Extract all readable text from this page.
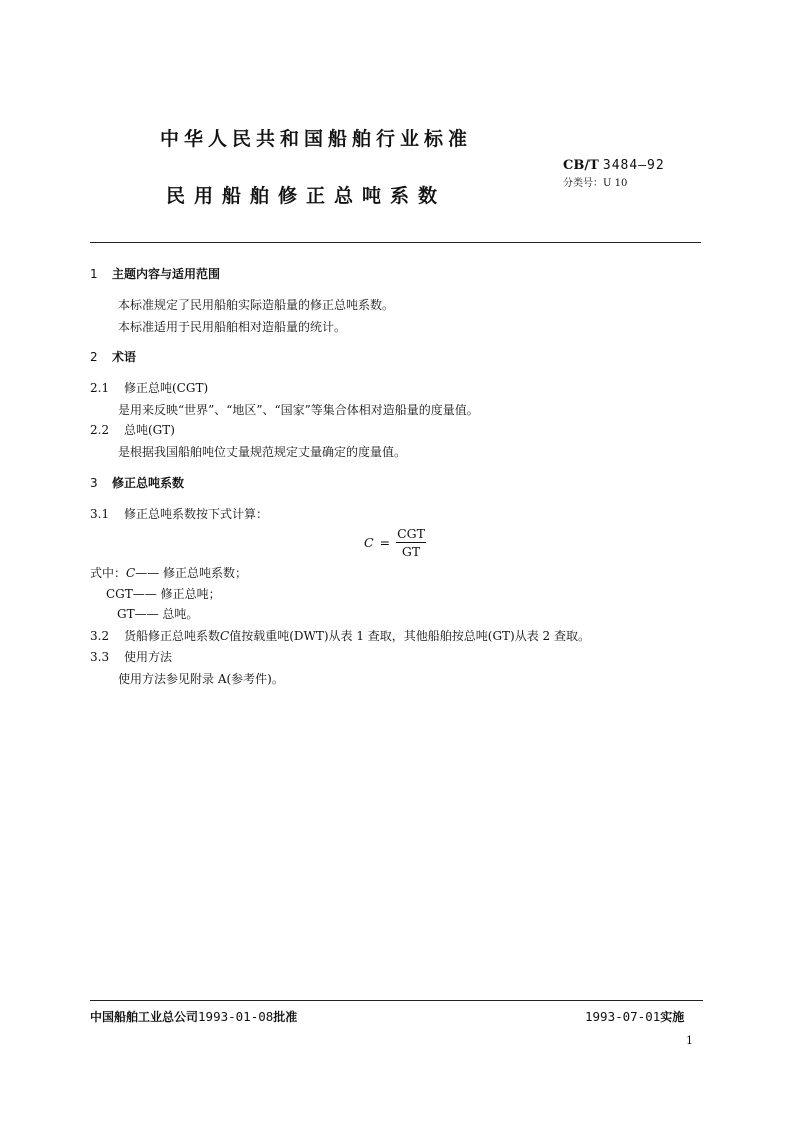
中华人民共和国船舶行业标准
民用船舶修正总吨系数
CB/T 3484—92
分类号：U 10
1 主题内容与适用范围
本标准规定了民用船舶实际造船量的修正总吨系数。
本标准适用于民用船舶相对造船量的统计。
2 术语
2.1 修正总吨(CGT)
是用来反映“世界”、“地区”、“国家”等集合体相对造船量的度量值。
2.2 总吨(GT)
是根据我国船舶吨位丈量规范规定丈量确定的度量值。
3 修正总吨系数
3.1 修正总吨系数按下式计算：
$C = \frac{\text{CGT}}{GT}$
式中：C—— 修正总吨系数；
CGT—— 修正总吨；
GT—— 总吨。
3.2 货船修正总吨系数C值按载重吨(DWT)从表 1 查取，其他船舶按总吨(GT)从表 2 查取。
3.3 使用方法
使用方法参见附录 A(参考件)。
中国船舶工业总公司1993-01-08批准	1993-07-01实施
1
